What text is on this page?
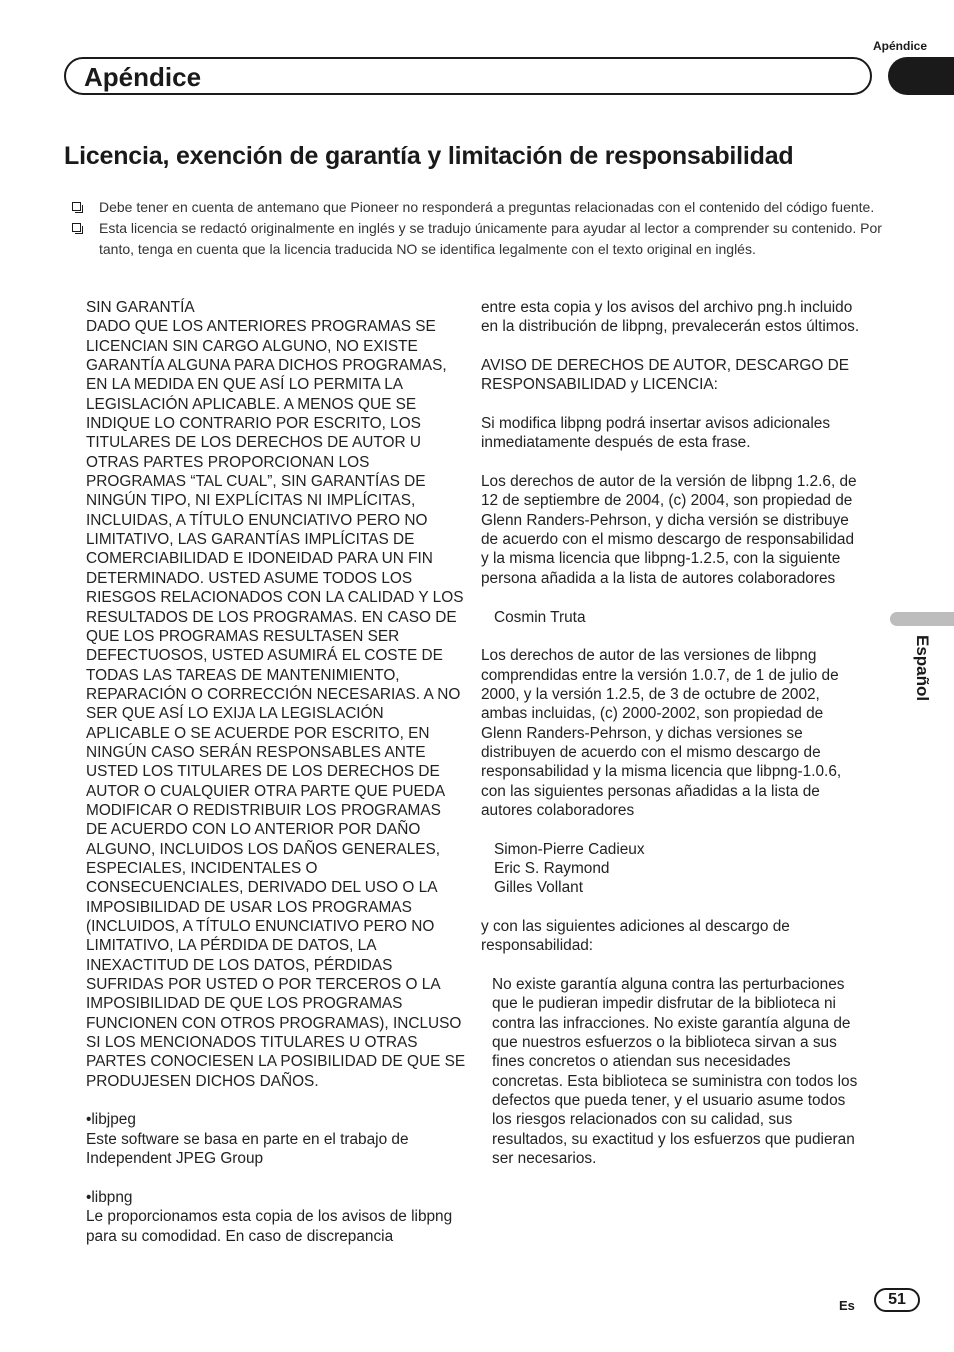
Apéndice
Apéndice
Licencia, exención de garantía y limitación de responsabilidad
Debe tener en cuenta de antemano que Pioneer no responderá a preguntas relacionadas con el contenido del código fuente.
Esta licencia se redactó originalmente en inglés y se tradujo únicamente para ayudar al lector a comprender su contenido. Por tanto, tenga en cuenta que la licencia traducida NO se identifica legalmente con el texto original en inglés.

SIN GARANTÍA

DADO QUE LOS ANTERIORES PROGRAMAS SE LICENCIAN SIN CARGO ALGUNO, NO EXISTE GARANTÍA ALGUNA PARA DICHOS PROGRAMAS, EN LA MEDIDA EN QUE ASÍ LO PERMITA LA LEGISLACIÓN APLICABLE. A MENOS QUE SE INDIQUE LO CONTRARIO POR ESCRITO, LOS TITULARES DE LOS DERECHOS DE AUTOR U OTRAS PARTES PROPORCIONAN LOS PROGRAMAS “TAL CUAL”, SIN GARANTÍAS DE NINGÚN TIPO, NI EXPLÍCITAS NI IMPLÍCITAS, INCLUIDAS, A TÍTULO ENUNCIATIVO PERO NO LIMITATIVO, LAS GARANTÍAS IMPLÍCITAS DE COMERCIABILIDAD E IDONEIDAD PARA UN FIN DETERMINADO. USTED ASUME TODOS LOS RIESGOS RELACIONADOS CON LA CALIDAD Y LOS RESULTADOS DE LOS PROGRAMAS. EN CASO DE QUE LOS PROGRAMAS RESULTASEN SER DEFECTUOSOS, USTED ASUMIRÁ EL COSTE DE TODAS LAS TAREAS DE MANTENIMIENTO, REPARACIÓN O CORRECCIÓN NECESARIAS. A NO SER QUE ASÍ LO EXIJA LA LEGISLACIÓN APLICABLE O SE ACUERDE POR ESCRITO, EN NINGÚN CASO SERÁN RESPONSABLES ANTE USTED LOS TITULARES DE LOS DERECHOS DE AUTOR O CUALQUIER OTRA PARTE QUE PUEDA MODIFICAR O REDISTRIBUIR LOS PROGRAMAS DE ACUERDO CON LO ANTERIOR POR DAÑO ALGUNO, INCLUIDOS LOS DAÑOS GENERALES, ESPECIALES, INCIDENTALES O CONSECUENCIALES, DERIVADO DEL USO O LA IMPOSIBILIDAD DE USAR LOS PROGRAMAS (INCLUIDOS, A TÍTULO ENUNCIATIVO PERO NO LIMITATIVO, LA PÉRDIDA DE DATOS, LA INEXACTITUD DE LOS DATOS, PÉRDIDAS SUFRIDAS POR USTED O POR TERCEROS O LA IMPOSIBILIDAD DE QUE LOS PROGRAMAS FUNCIONEN CON OTROS PROGRAMAS), INCLUSO SI LOS MENCIONADOS TITULARES U OTRAS PARTES CONOCIESEN LA POSIBILIDAD DE QUE SE PRODUJESEN DICHOS DAÑOS.

•libjpeg

Este software se basa en parte en el trabajo de Independent JPEG Group

•libpng

Le proporcionamos esta copia de los avisos de libpng para su comodidad. En caso de discrepancia

entre esta copia y los avisos del archivo png.h incluido en la distribución de libpng, prevalecerán estos últimos.

AVISO DE DERECHOS DE AUTOR, DESCARGO DE RESPONSABILIDAD y LICENCIA:

Si modifica libpng podrá insertar avisos adicionales inmediatamente después de esta frase.

Los derechos de autor de la versión de libpng 1.2.6, de 12 de septiembre de 2004, (c) 2004, son propiedad de Glenn Randers-Pehrson, y dicha versión se distribuye de acuerdo con el mismo descargo de responsabilidad y la misma licencia que libpng-1.2.5, con la siguiente persona añadida a la lista de autores colaboradores

Cosmin Truta

Los derechos de autor de las versiones de libpng comprendidas entre la versión 1.0.7, de 1 de julio de 2000, y la versión 1.2.5, de 3 de octubre de 2002, ambas incluidas, (c) 2000-2002, son propiedad de Glenn Randers-Pehrson, y dichas versiones se distribuyen de acuerdo con el mismo descargo de responsabilidad y la misma licencia que libpng-1.0.6, con las siguientes personas añadidas a la lista de autores colaboradores

Simon-Pierre Cadieux

Eric S. Raymond

Gilles Vollant

y con las siguientes adiciones al descargo de responsabilidad:

No existe garantía alguna contra las perturbaciones que le pudieran impedir disfrutar de la biblioteca ni contra las infracciones. No existe garantía alguna de que nuestros esfuerzos o la biblioteca sirvan a sus fines concretos o atiendan sus necesidades concretas. Esta biblioteca se suministra con todos los defectos que pueda tener, y el usuario asume todos los riesgos relacionados con su calidad, sus resultados, su exactitud y los esfuerzos que pudieran ser necesarios.

Español
Es	51
